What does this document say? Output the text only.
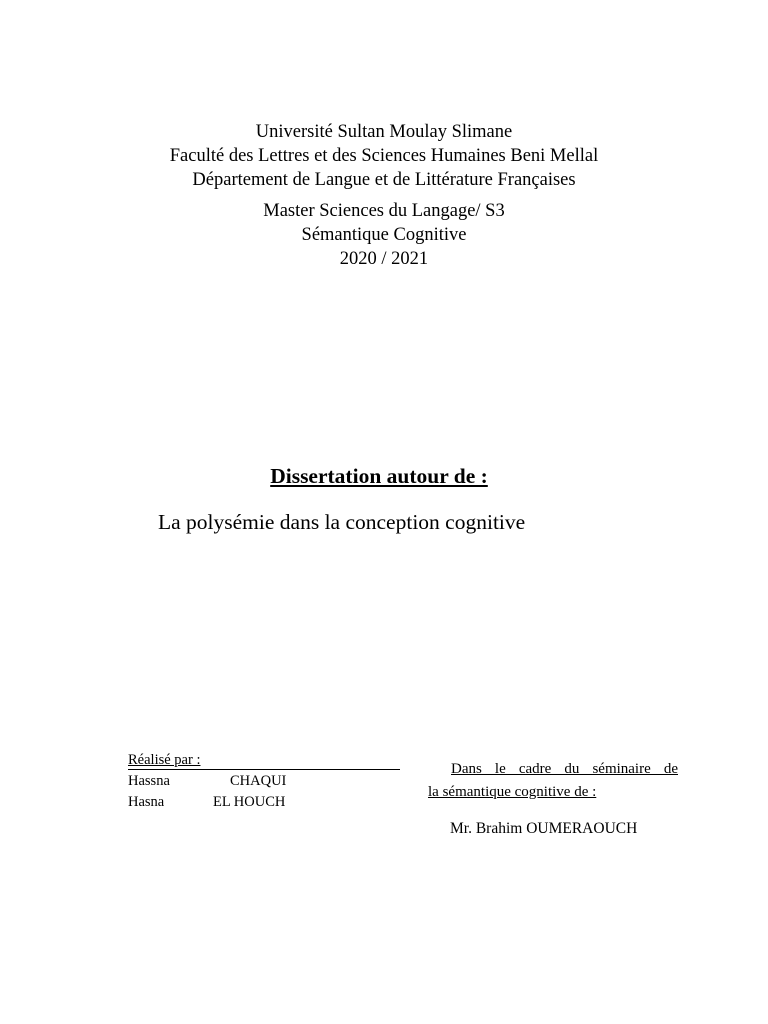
Université Sultan Moulay Slimane
Faculté des Lettres et des Sciences Humaines Beni Mellal
Département de Langue et de Littérature Françaises
Master Sciences du Langage/ S3
Sémantique Cognitive
2020 / 2021
Dissertation autour de :
La polysémie dans la conception cognitive
Réalisé par :
Hassna	CHAQUI
Hasna	EL HOUCH
Dans le cadre du séminaire de
la sémantique cognitive de :
Mr. Brahim OUMERAOUCH
